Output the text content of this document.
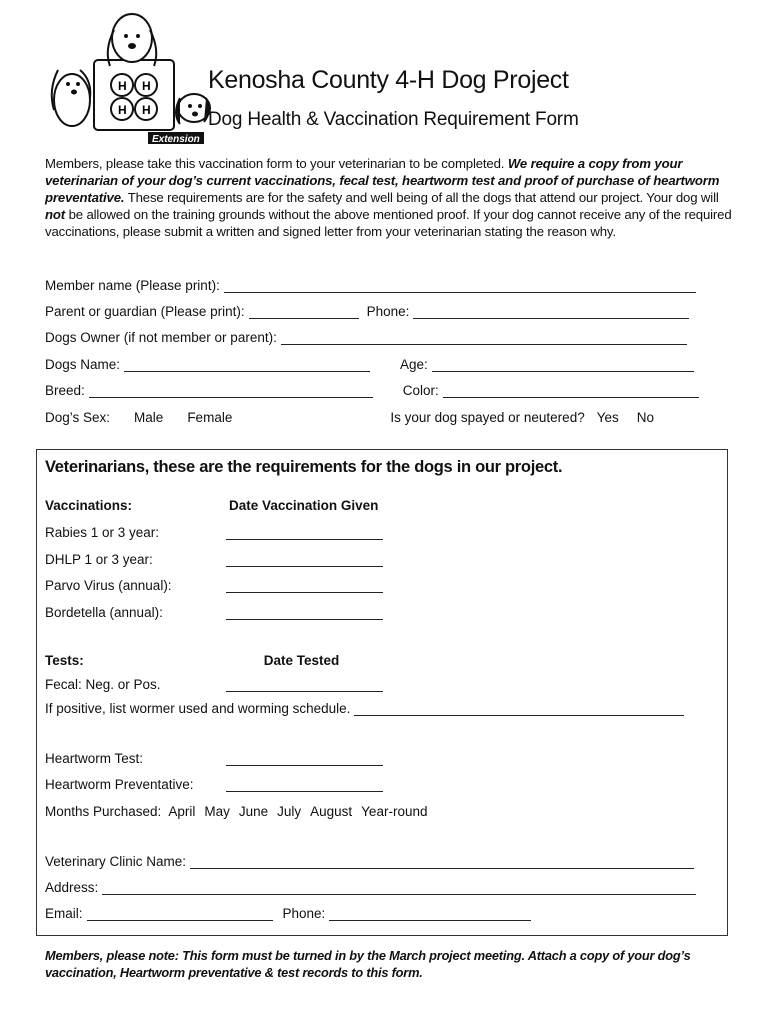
H H
H H
Extension
Kenosha County 4-H Dog Project
Dog Health & Vaccination Requirement Form
Members, please take this vaccination form to your veterinarian to be completed. We require a copy from your veterinarian of your dog’s current vaccinations, fecal test, heartworm test and proof of purchase of heartworm preventative. These requirements are for the safety and well being of all the dogs that attend our project. Your dog will not be allowed on the training grounds without the above mentioned proof. If your dog cannot receive any of the required vaccinations, please submit a written and signed letter from your veterinarian stating the reason why.
Member name (Please print):
Parent or guardian (Please print):	Phone:
Dogs Owner (if not member or parent):
Dogs Name:	Age:
Breed:	Color:
Dog’s Sex: Male Female	Is your dog spayed or neutered? Yes No
Veterinarians, these are the requirements for the dogs in our project.
Vaccinations:	Date Vaccination Given
Rabies 1 or 3 year:
DHLP 1 or 3 year:
Parvo Virus (annual):
Bordetella (annual):
Tests:	Date Tested
Fecal: Neg. or Pos.
If positive, list wormer used and worming schedule.
Heartworm Test:
Heartworm Preventative:
Months Purchased: April May June July August Year-round
Veterinary Clinic Name:
Address:
Email:	Phone:
Members, please note: This form must be turned in by the March project meeting. Attach a copy of your dog’s vaccination, Heartworm preventative & test records to this form.
